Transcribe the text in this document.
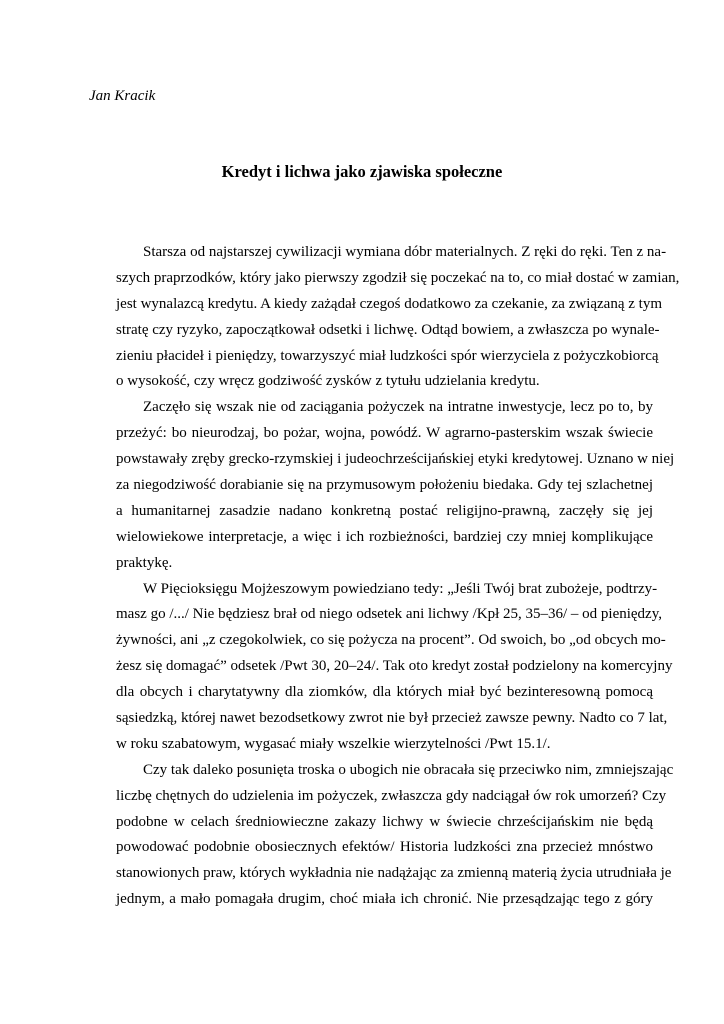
Jan Kracik
Kredyt i lichwa jako zjawiska społeczne
Starsza od najstarszej cywilizacji wymiana dóbr materialnych. Z ręki do ręki. Ten z na-
szych praprzodków, który jako pierwszy zgodził się poczekać na to, co miał dostać w zamian,
jest wynalazcą kredytu. A kiedy zażądał czegoś dodatkowo za czekanie, za związaną z tym
stratę czy ryzyko, zapoczątkował odsetki i lichwę. Odtąd bowiem, a zwłaszcza po wynale-
zieniu płacideł i pieniędzy, towarzyszyć miał ludzkości spór wierzyciela z pożyczkobiorcą
o wysokość, czy wręcz godziwość zysków z tytułu udzielania kredytu.
Zaczęło się wszak nie od zaciągania pożyczek na intratne inwestycje, lecz po to, by
przeżyć: bo nieurodzaj, bo pożar, wojna, powódź. W agrarno-pasterskim wszak świecie
powstawały zręby grecko-rzymskiej i judeochrześcijańskiej etyki kredytowej. Uznano w niej
za niegodziwość dorabianie się na przymusowym położeniu biedaka. Gdy tej szlachetnej
a humanitarnej zasadzie nadano konkretną postać religijno-prawną, zaczęły się jej
wielowiekowe interpretacje, a więc i ich rozbieżności, bardziej czy mniej komplikujące
praktykę.
W Pięcioksięgu Mojżeszowym powiedziano tedy: „Jeśli Twój brat zubożeje, podtrzy-
masz go /.../ Nie będziesz brał od niego odsetek ani lichwy /Kpł 25, 35–36/ – od pieniędzy,
żywności, ani „z czegokolwiek, co się pożycza na procent”. Od swoich, bo „od obcych mo-
żesz się domagać” odsetek /Pwt 30, 20–24/. Tak oto kredyt został podzielony na komercyjny
dla obcych i charytatywny dla ziomków, dla których miał być bezinteresowną pomocą
sąsiedzką, której nawet bezodsetkowy zwrot nie był przecież zawsze pewny. Nadto co 7 lat,
w roku szabatowym, wygasać miały wszelkie wierzytelności /Pwt 15.1/.
Czy tak daleko posunięta troska o ubogich nie obracała się przeciwko nim, zmniejszając
liczbę chętnych do udzielenia im pożyczek, zwłaszcza gdy nadciągał ów rok umorzeń? Czy
podobne w celach średniowieczne zakazy lichwy w świecie chrześcijańskim nie będą
powodować podobnie obosiecznych efektów/ Historia ludzkości zna przecież mnóstwo
stanowionych praw, których wykładnia nie nadążając za zmienną materią życia utrudniała je
jednym, a mało pomagała drugim, choć miała ich chronić. Nie przesądzając tego z góry
